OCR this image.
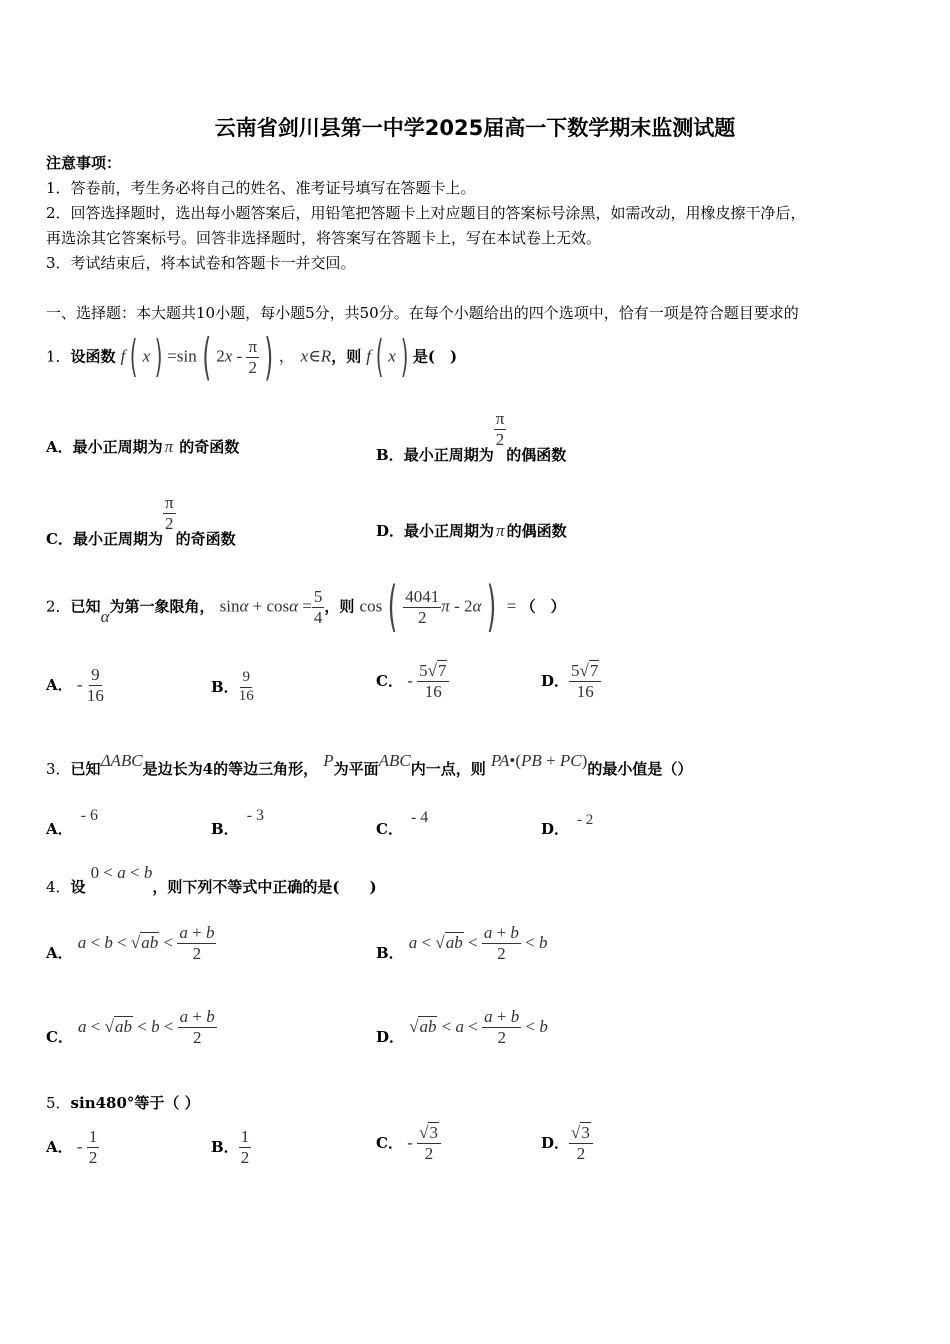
云南省剑川县第一中学2025届高一下数学期末监测试题
注意事项：
1．答卷前，考生务必将自己的姓名、准考证号填写在答题卡上。
2．回答选择题时，选出每小题答案后，用铅笔把答题卡上对应题目的答案标号涂黑，如需改动，用橡皮擦干净后，
再选涂其它答案标号。回答非选择题时，将答案写在答题卡上，写在本试卷上无效。
3．考试结束后，将本试卷和答题卡一并交回。
一、选择题：本大题共10小题，每小题5分，共50分。在每个小题给出的四个选项中，恰有一项是符合题目要求的
1．设函数 f ( x ) =sin ( $2x - \frac{\pi}{2}$ ) ， x∈R，则 f ( x ) 是(　)
A．最小正周期为 π 的奇函数	B．最小正周期为
$\frac{\pi}{2}$
的偶函数
C．最小正周期为
$\frac{\pi}{2}$
的奇函数	D．最小正周期为 π 的偶函数
2．已知α为第一象限角， $\sin\alpha + \cos\alpha = \frac{5}{4}$ ，则 cos ( $\frac{4041}{2}$ π - 2α ) = （　）
A． - $\frac{9}{16}$	B． $\frac{9}{16}$	C． - $\frac{5√7}{16}$	D． $\frac{5√7}{16}$
3．已知ΔABC是边长为4的等边三角形， P为平面ABC内一点，则 PA•(PB + PC)的最小值是（）
A．- 6
B．- 3
C．- 4
D． - 2
4．设 0 < a < b，则下列不等式中正确的是(　　)
A． $a < b < √ab < \frac{a + b}{2}$	B． $a < √ab < \frac{a + b}{2} < b$
C． $a < √ab < b < \frac{a + b}{2}$	D． $√ab < a < \frac{a + b}{2} < b$
5．sin480°等于（ ）
A． - $\frac{1}{2}$	B． $\frac{1}{2}$	C． - $\frac{√3}{2}$	D． $\frac{√3}{2}$
